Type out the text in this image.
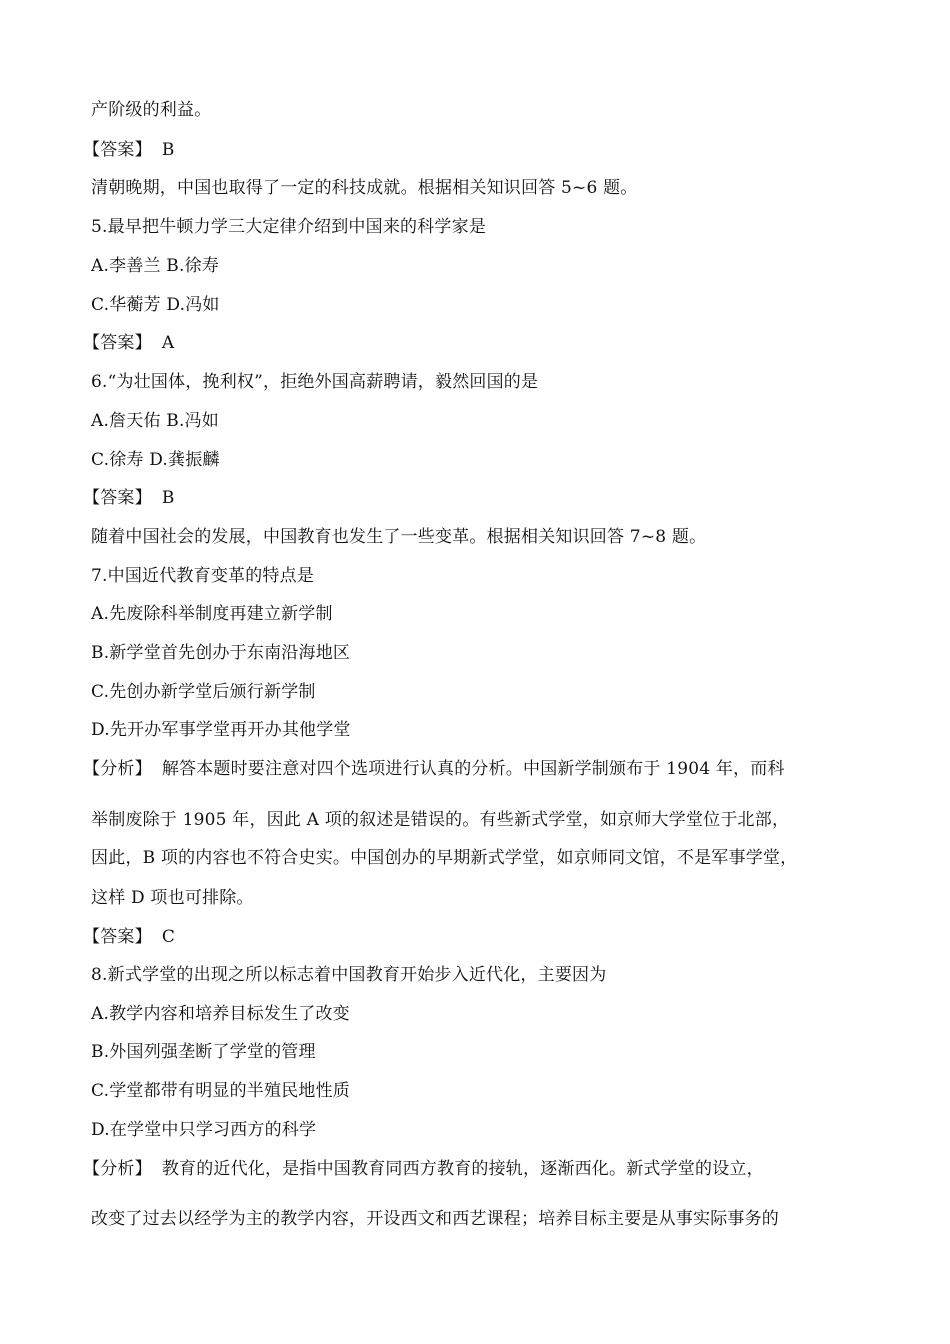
产阶级的利益。
【答案】 B
清朝晚期，中国也取得了一定的科技成就。根据相关知识回答 5~6 题。
5.最早把牛顿力学三大定律介绍到中国来的科学家是
A.李善兰 B.徐寿
C.华蘅芳 D.冯如
【答案】 A
6.“为壮国体，挽利权”，拒绝外国高薪聘请，毅然回国的是
A.詹天佑 B.冯如
C.徐寿 D.龚振麟
【答案】 B
随着中国社会的发展，中国教育也发生了一些变革。根据相关知识回答 7~8 题。
7.中国近代教育变革的特点是
A.先废除科举制度再建立新学制
B.新学堂首先创办于东南沿海地区
C.先创办新学堂后颁行新学制
D.先开办军事学堂再开办其他学堂
【分析】 解答本题时要注意对四个选项进行认真的分析。中国新学制颁布于 1904 年，而科
举制废除于 1905 年，因此 A 项的叙述是错误的。有些新式学堂，如京师大学堂位于北部，
因此，B 项的内容也不符合史实。中国创办的早期新式学堂，如京师同文馆，不是军事学堂，
这样 D 项也可排除。
【答案】 C
8.新式学堂的出现之所以标志着中国教育开始步入近代化，主要因为
A.教学内容和培养目标发生了改变
B.外国列强垄断了学堂的管理
C.学堂都带有明显的半殖民地性质
D.在学堂中只学习西方的科学
【分析】 教育的近代化，是指中国教育同西方教育的接轨，逐渐西化。新式学堂的设立，
改变了过去以经学为主的教学内容，开设西文和西艺课程；培养目标主要是从事实际事务的
